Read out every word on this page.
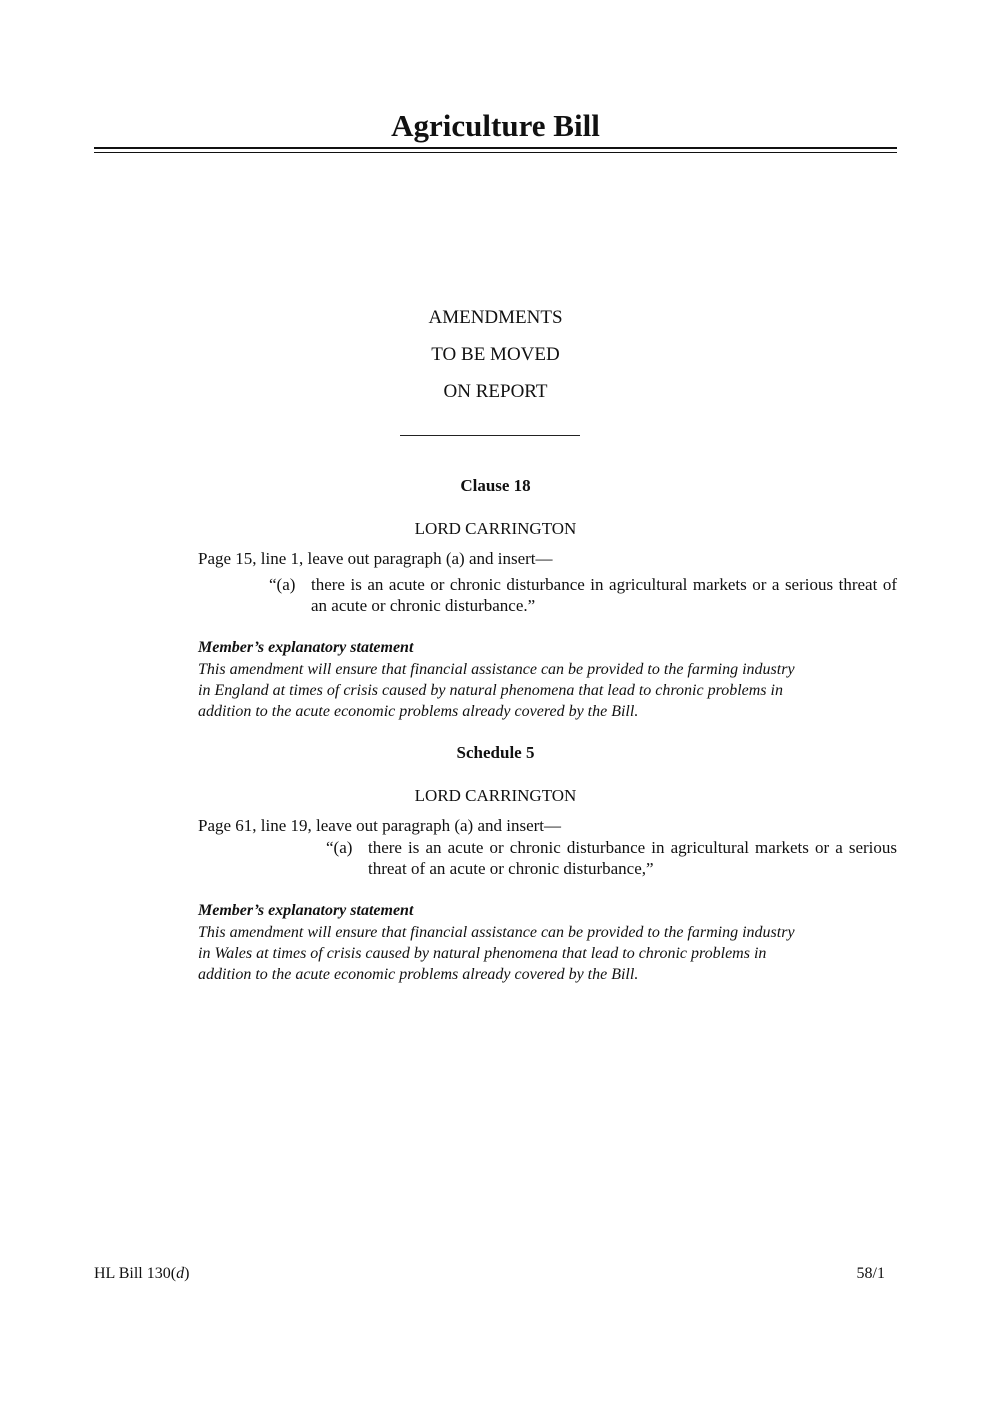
Agriculture Bill
AMENDMENTS
TO BE MOVED
ON REPORT
Clause 18
LORD CARRINGTON
Page 15, line 1, leave out paragraph (a) and insert—
“(a) there is an acute or chronic disturbance in agricultural markets or a serious threat of an acute or chronic disturbance.”
Member’s explanatory statement
This amendment will ensure that financial assistance can be provided to the farming industry
in England at times of crisis caused by natural phenomena that lead to chronic problems in
addition to the acute economic problems already covered by the Bill.
Schedule 5
LORD CARRINGTON
Page 61, line 19, leave out paragraph (a) and insert—
“(a) there is an acute or chronic disturbance in agricultural markets or a serious threat of an acute or chronic disturbance,”
Member’s explanatory statement
This amendment will ensure that financial assistance can be provided to the farming industry
in Wales at times of crisis caused by natural phenomena that lead to chronic problems in
addition to the acute economic problems already covered by the Bill.
HL Bill 130(d)	58/1
